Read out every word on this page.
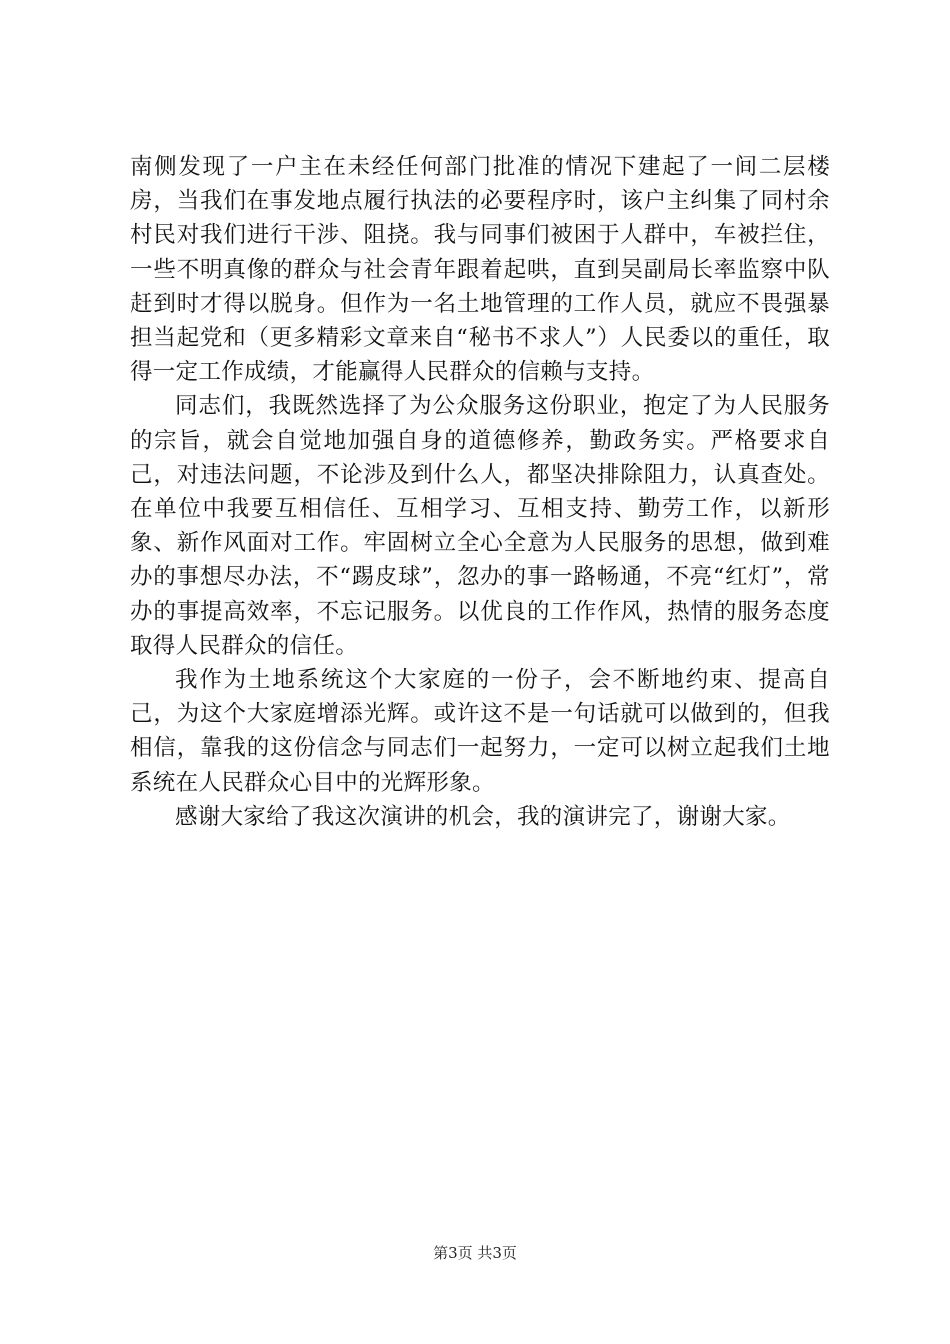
南侧发现了一户主在未经任何部门批准的情况下建起了一间二层楼房，当我们在事发地点履行执法的必要程序时，该户主纠集了同村余村民对我们进行干涉、阻挠。我与同事们被困于人群中，车被拦住，一些不明真像的群众与社会青年跟着起哄，直到吴副局长率监察中队赶到时才得以脱身。但作为一名土地管理的工作人员，就应不畏强暴担当起党和（更多精彩文章来自“秘书不求人”）人民委以的重任，取得一定工作成绩，才能赢得人民群众的信赖与支持。

同志们，我既然选择了为公众服务这份职业，抱定了为人民服务的宗旨，就会自觉地加强自身的道德修养，勤政务实。严格要求自己，对违法问题，不论涉及到什么人，都坚决排除阻力，认真查处。在单位中我要互相信任、互相学习、互相支持、勤劳工作，以新形象、新作风面对工作。牢固树立全心全意为人民服务的思想，做到难办的事想尽办法，不“踢皮球”，忽办的事一路畅通，不亮“红灯”，常办的事提高效率，不忘记服务。以优良的工作作风，热情的服务态度取得人民群众的信任。

我作为土地系统这个大家庭的一份子，会不断地约束、提高自己，为这个大家庭增添光辉。或许这不是一句话就可以做到的，但我相信，靠我的这份信念与同志们一起努力，一定可以树立起我们土地系统在人民群众心目中的光辉形象。

感谢大家给了我这次演讲的机会，我的演讲完了，谢谢大家。

第3页 共3页
